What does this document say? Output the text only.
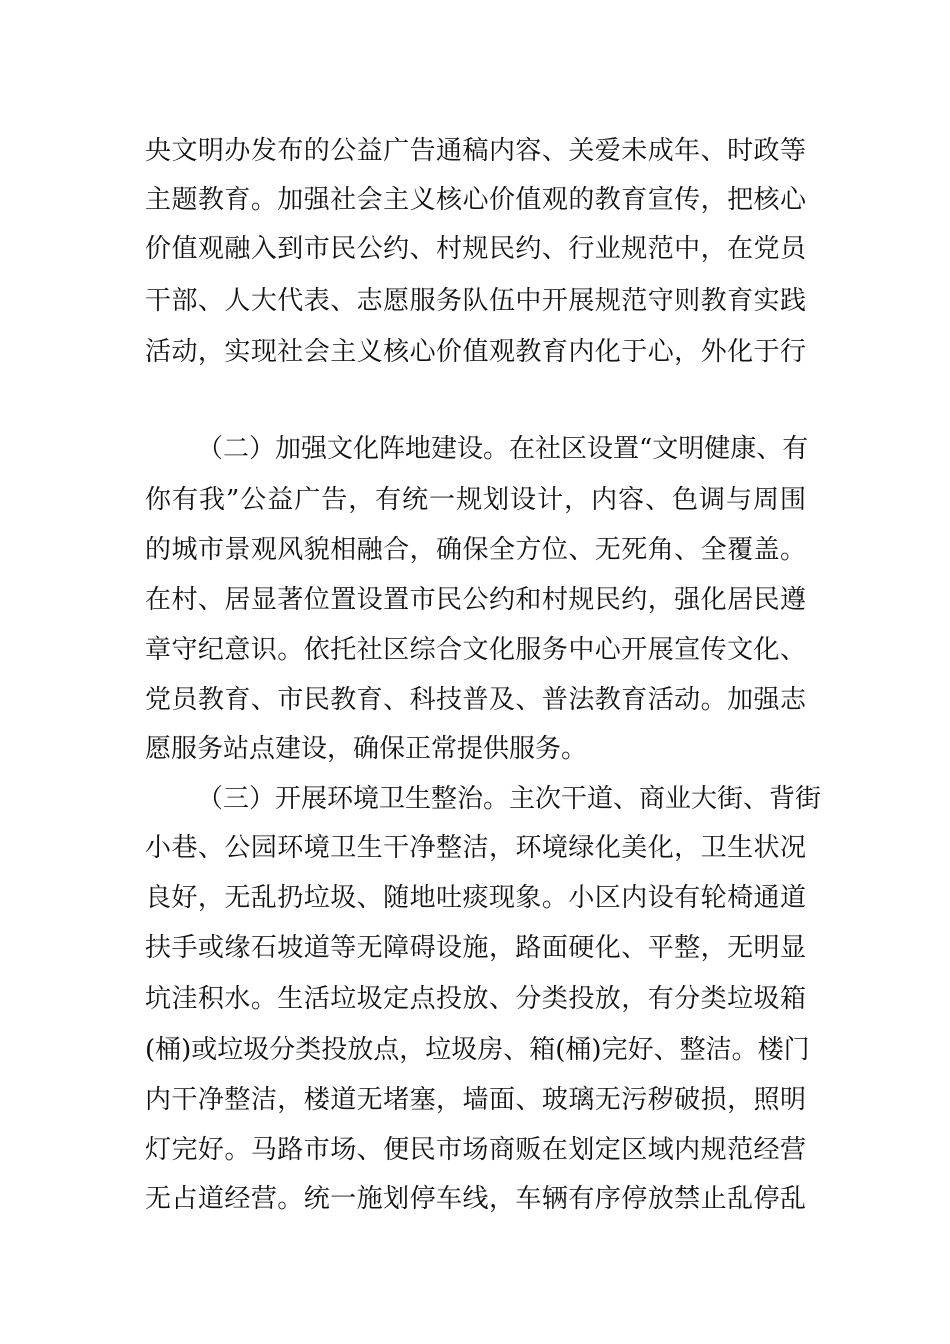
央文明办发布的公益广告通稿内容、关爱未成年、时政等
主题教育。加强社会主义核心价值观的教育宣传，把核心
价值观融入到市民公约、村规民约、行业规范中，在党员
干部、人大代表、志愿服务队伍中开展规范守则教育实践
活动，实现社会主义核心价值观教育内化于心，外化于行
（二）加强文化阵地建设。在社区设置“文明健康、有
你有我”公益广告，有统一规划设计，内容、色调与周围
的城市景观风貌相融合，确保全方位、无死角、全覆盖。
在村、居显著位置设置市民公约和村规民约，强化居民遵
章守纪意识。依托社区综合文化服务中心开展宣传文化、
党员教育、市民教育、科技普及、普法教育活动。加强志
愿服务站点建设，确保正常提供服务。
（三）开展环境卫生整治。主次干道、商业大街、背街
小巷、公园环境卫生干净整洁，环境绿化美化，卫生状况
良好，无乱扔垃圾、随地吐痰现象。小区内设有轮椅通道
扶手或缘石坡道等无障碍设施，路面硬化、平整，无明显
坑洼积水。生活垃圾定点投放、分类投放，有分类垃圾箱
(桶)或垃圾分类投放点，垃圾房、箱(桶)完好、整洁。楼门
内干净整洁，楼道无堵塞，墙面、玻璃无污秽破损，照明
灯完好。马路市场、便民市场商贩在划定区域内规范经营
无占道经营。统一施划停车线，车辆有序停放禁止乱停乱
